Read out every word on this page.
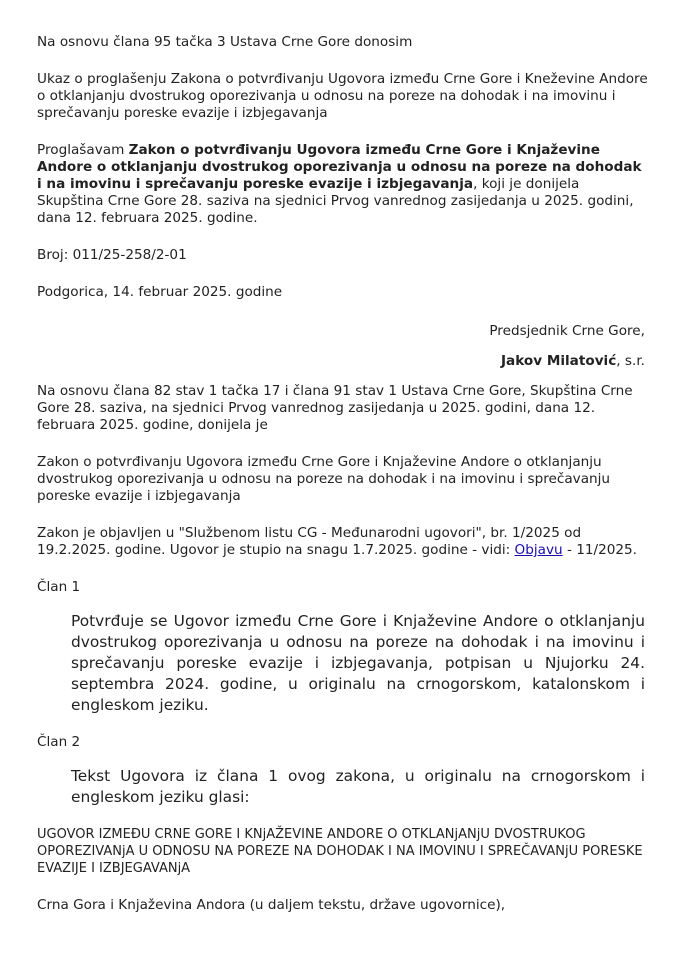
Na osnovu člana 95 tačka 3 Ustava Crne Gore donosim

Ukaz o proglašenju Zakona o potvrđivanju Ugovora između Crne Gore i Kneževine Andore o otklanjanju dvostrukog oporezivanja u odnosu na poreze na dohodak i na imovinu i sprečavanju poreske evazije i izbjegavanja

Proglašavam Zakon o potvrđivanju Ugovora između Crne Gore i Knjaževine Andore o otklanjanju dvostrukog oporezivanja u odnosu na poreze na dohodak i na imovinu i sprečavanju poreske evazije i izbjegavanja, koji je donijela Skupština Crne Gore 28. saziva na sjednici Prvog vanrednog zasijedanja u 2025. godini, dana 12. februara 2025. godine.

Broj: 011/25-258/2-01

Podgorica, 14. februar 2025. godine

Predsjednik Crne Gore,

Jakov Milatović, s.r.

Na osnovu člana 82 stav 1 tačka 17 i člana 91 stav 1 Ustava Crne Gore, Skupština Crne Gore 28. saziva, na sjednici Prvog vanrednog zasijedanja u 2025. godini, dana 12. februara 2025. godine, donijela je

Zakon o potvrđivanju Ugovora između Crne Gore i Knjaževine Andore o otklanjanju dvostrukog oporezivanja u odnosu na poreze na dohodak i na imovinu i sprečavanju poreske evazije i izbjegavanja

Zakon je objavljen u "Službenom listu CG - Međunarodni ugovori", br. 1/2025 od 19.2.2025. godine. Ugovor je stupio na snagu 1.7.2025. godine - vidi: Objavu - 11/2025.

Član 1

Potvrđuje se Ugovor između Crne Gore i Knjaževine Andore o otklanjanju dvostrukog oporezivanja u odnosu na poreze na dohodak i na imovinu i sprečavanju poreske evazije i izbjegavanja, potpisan u Njujorku 24. septembra 2024. godine, u originalu na crnogorskom, katalonskom i engleskom jeziku.

Član 2

Tekst Ugovora iz člana 1 ovog zakona, u originalu na crnogorskom i engleskom jeziku glasi:

UGOVOR IZMEĐU CRNE GORE I KNjAŽEVINE ANDORE O OTKLANjANjU DVOSTRUKOG OPOREZIVANjA U ODNOSU NA POREZE NA DOHODAK I NA IMOVINU I SPREČAVANjU PORESKE EVAZIJE I IZBJEGAVANjA

Crna Gora i Knjaževina Andora (u daljem tekstu, države ugovornice),
